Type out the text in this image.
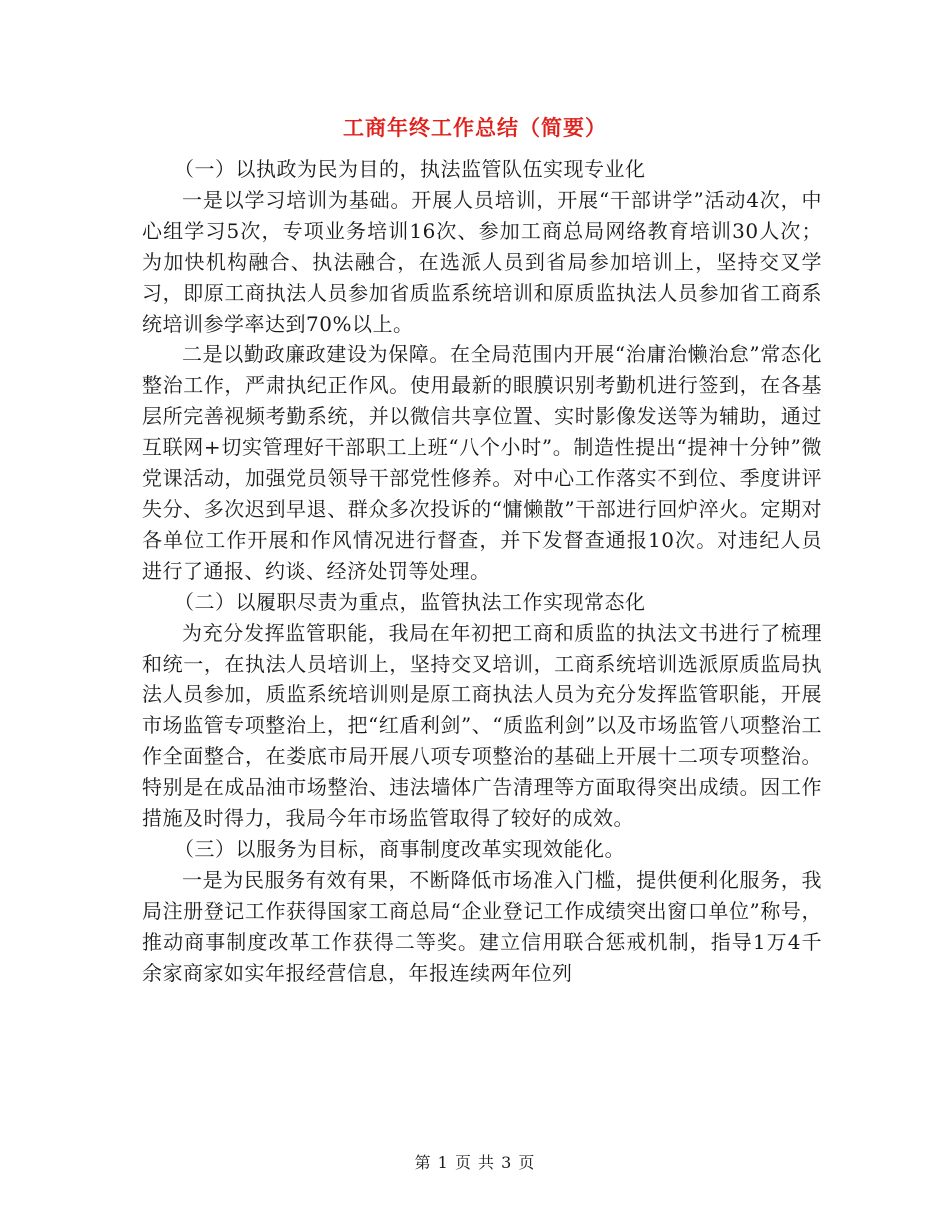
工商年终工作总结（简要）

（一）以执政为民为目的，执法监管队伍实现专业化

一是以学习培训为基础。开展人员培训，开展“干部讲学”活动4次，中心组学习5次，专项业务培训16次、参加工商总局网络教育培训30人次；为加快机构融合、执法融合，在选派人员到省局参加培训上，坚持交叉学习，即原工商执法人员参加省质监系统培训和原质监执法人员参加省工商系统培训参学率达到70%以上。

二是以勤政廉政建设为保障。在全局范围内开展“治庸治懒治怠”常态化整治工作，严肃执纪正作风。使用最新的眼膜识别考勤机进行签到，在各基层所完善视频考勤系统，并以微信共享位置、实时影像发送等为辅助，通过互联网+切实管理好干部职工上班“八个小时”。制造性提出“提神十分钟”微党课活动，加强党员领导干部党性修养。对中心工作落实不到位、季度讲评失分、多次迟到早退、群众多次投诉的“慵懒散”干部进行回炉淬火。定期对各单位工作开展和作风情况进行督查，并下发督查通报10次。对违纪人员进行了通报、约谈、经济处罚等处理。

（二）以履职尽责为重点，监管执法工作实现常态化

为充分发挥监管职能，我局在年初把工商和质监的执法文书进行了梳理和统一，在执法人员培训上，坚持交叉培训，工商系统培训选派原质监局执法人员参加，质监系统培训则是原工商执法人员为充分发挥监管职能，开展市场监管专项整治上，把“红盾利剑”、“质监利剑”以及市场监管八项整治工作全面整合，在娄底市局开展八项专项整治的基础上开展十二项专项整治。特别是在成品油市场整治、违法墙体广告清理等方面取得突出成绩。因工作措施及时得力，我局今年市场监管取得了较好的成效。

（三）以服务为目标，商事制度改革实现效能化。

一是为民服务有效有果，不断降低市场准入门槛，提供便利化服务，我局注册登记工作获得国家工商总局“企业登记工作成绩突出窗口单位”称号，推动商事制度改革工作获得二等奖。建立信用联合惩戒机制，指导1万4千余家商家如实年报经营信息，年报连续两年位列

第 1 页 共 3 页
